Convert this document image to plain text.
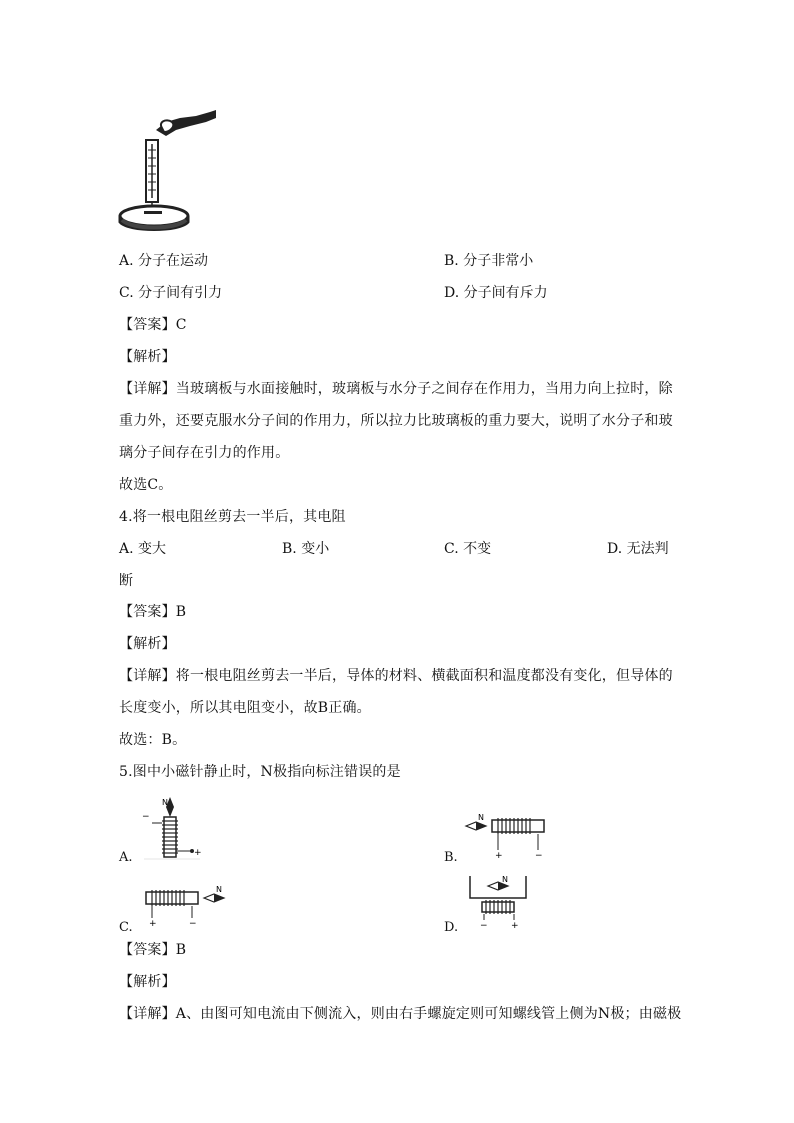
A. 分子在运动	B. 分子非常小
C. 分子间有引力	D. 分子间有斥力
【答案】C
【解析】
【详解】当玻璃板与水面接触时，玻璃板与水分子之间存在作用力，当用力向上拉时，除
重力外，还要克服水分子间的作用力，所以拉力比玻璃板的重力要大，说明了水分子和玻
璃分子间存在引力的作用。
故选C。
4.将一根电阻丝剪去一半后，其电阻
A. 变大	B. 变小	C. 不变	D. 无法判
断
【答案】B
【解析】
【详解】将一根电阻丝剪去一半后，导体的材料、横截面积和温度都没有变化，但导体的
长度变小，所以其电阻变小，故B正确。
故选：B。
5.图中小磁针静止时，N极指向标注错误的是
A.
N
−
+	B.
N
+	−
C.
N
+	−	D.
N
−	+
【答案】B
【解析】
【详解】A、由图可知电流由下侧流入，则由右手螺旋定则可知螺线管上侧为N极；由磁极
